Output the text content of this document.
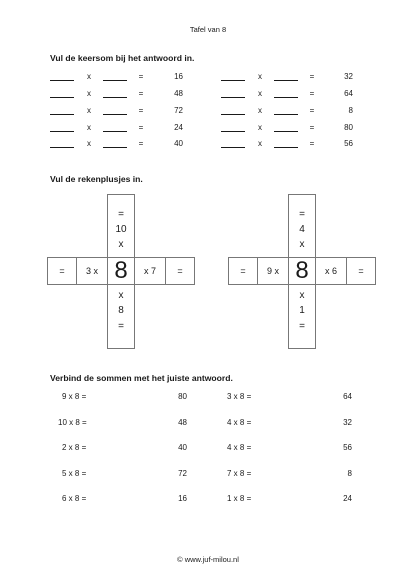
Tafel van 8
Vul de keersom bij het antwoord in.
x	=	16
x	=	48
x	=	72
x	=	24
x	=	40
x	=	32
x	=	64
x	=	8
x	=	80
x	=	56
Vul de rekenplusjes in.
=
10
x
=	3 x 8	x 7	=
x
8
=
=
4
x
=	9 x 8	x 6	=
x
1
=
Verbind de sommen met het juiste antwoord.
9 x 8 =	80
10 x 8 =	48
2 x 8 =	40
5 x 8 =	72
6 x 8 =	16
3 x 8 =	64
4 x 8 =	32
4 x 8 =	56
7 x 8 =	8
1 x 8 =	24
© www.juf-milou.nl
